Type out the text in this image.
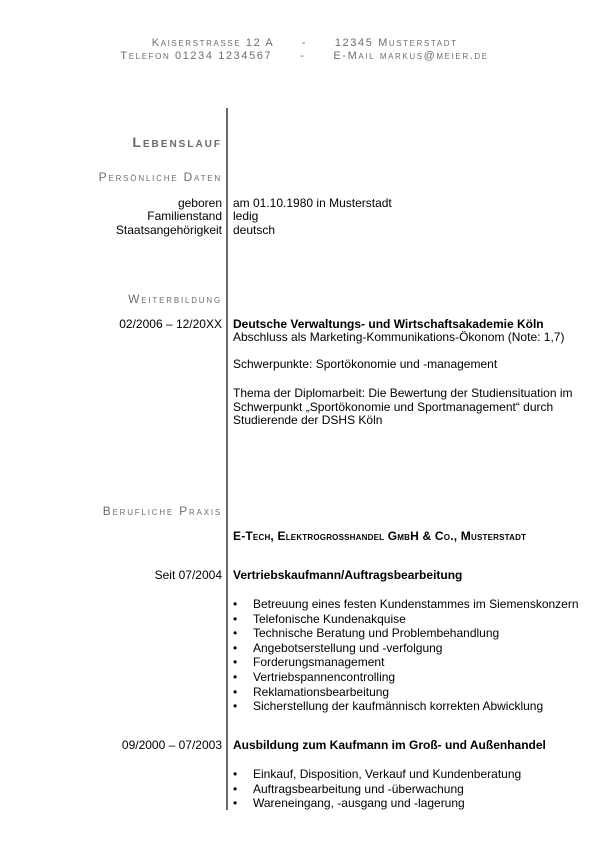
Kaiserstrasse 12 A	-	12345 Musterstadt

Telefon 01234 1234567	-	E-Mail markus@meier.de

Lebenslauf
Persönliche Daten
geboren am 01.10.1980 in Musterstadt
Familienstand ledig
Staatsangehörigkeit deutsch
Weiterbildung
02/2006 – 12/20XX Deutsche Verwaltungs- und Wirtschaftsakademie Köln
Abschluss als Marketing-Kommunikations-Ökonom (Note: 1,7)
Schwerpunkte: Sportökonomie und -management
Thema der Diplomarbeit: Die Bewertung der Studiensituation im
Schwerpunkt „Sportökonomie und Sportmanagement“ durch
Studierende der DSHS Köln
Berufliche Praxis
E-Tech, Elektrogrosshandel GmbH & Co., Musterstadt
Seit 07/2004 Vertriebskaufmann/Auftragsbearbeitung
• Betreuung eines festen Kundenstammes im Siemenskonzern
• Telefonische Kundenakquise
• Technische Beratung und Problembehandlung
• Angebotserstellung und -verfolgung
• Forderungsmanagement
• Vertriebspannencontrolling
• Reklamationsbearbeitung
• Sicherstellung der kaufmännisch korrekten Abwicklung
09/2000 – 07/2003 Ausbildung zum Kaufmann im Groß- und Außenhandel
• Einkauf, Disposition, Verkauf und Kundenberatung
• Auftragsbearbeitung und -überwachung
• Wareneingang, -ausgang und -lagerung
